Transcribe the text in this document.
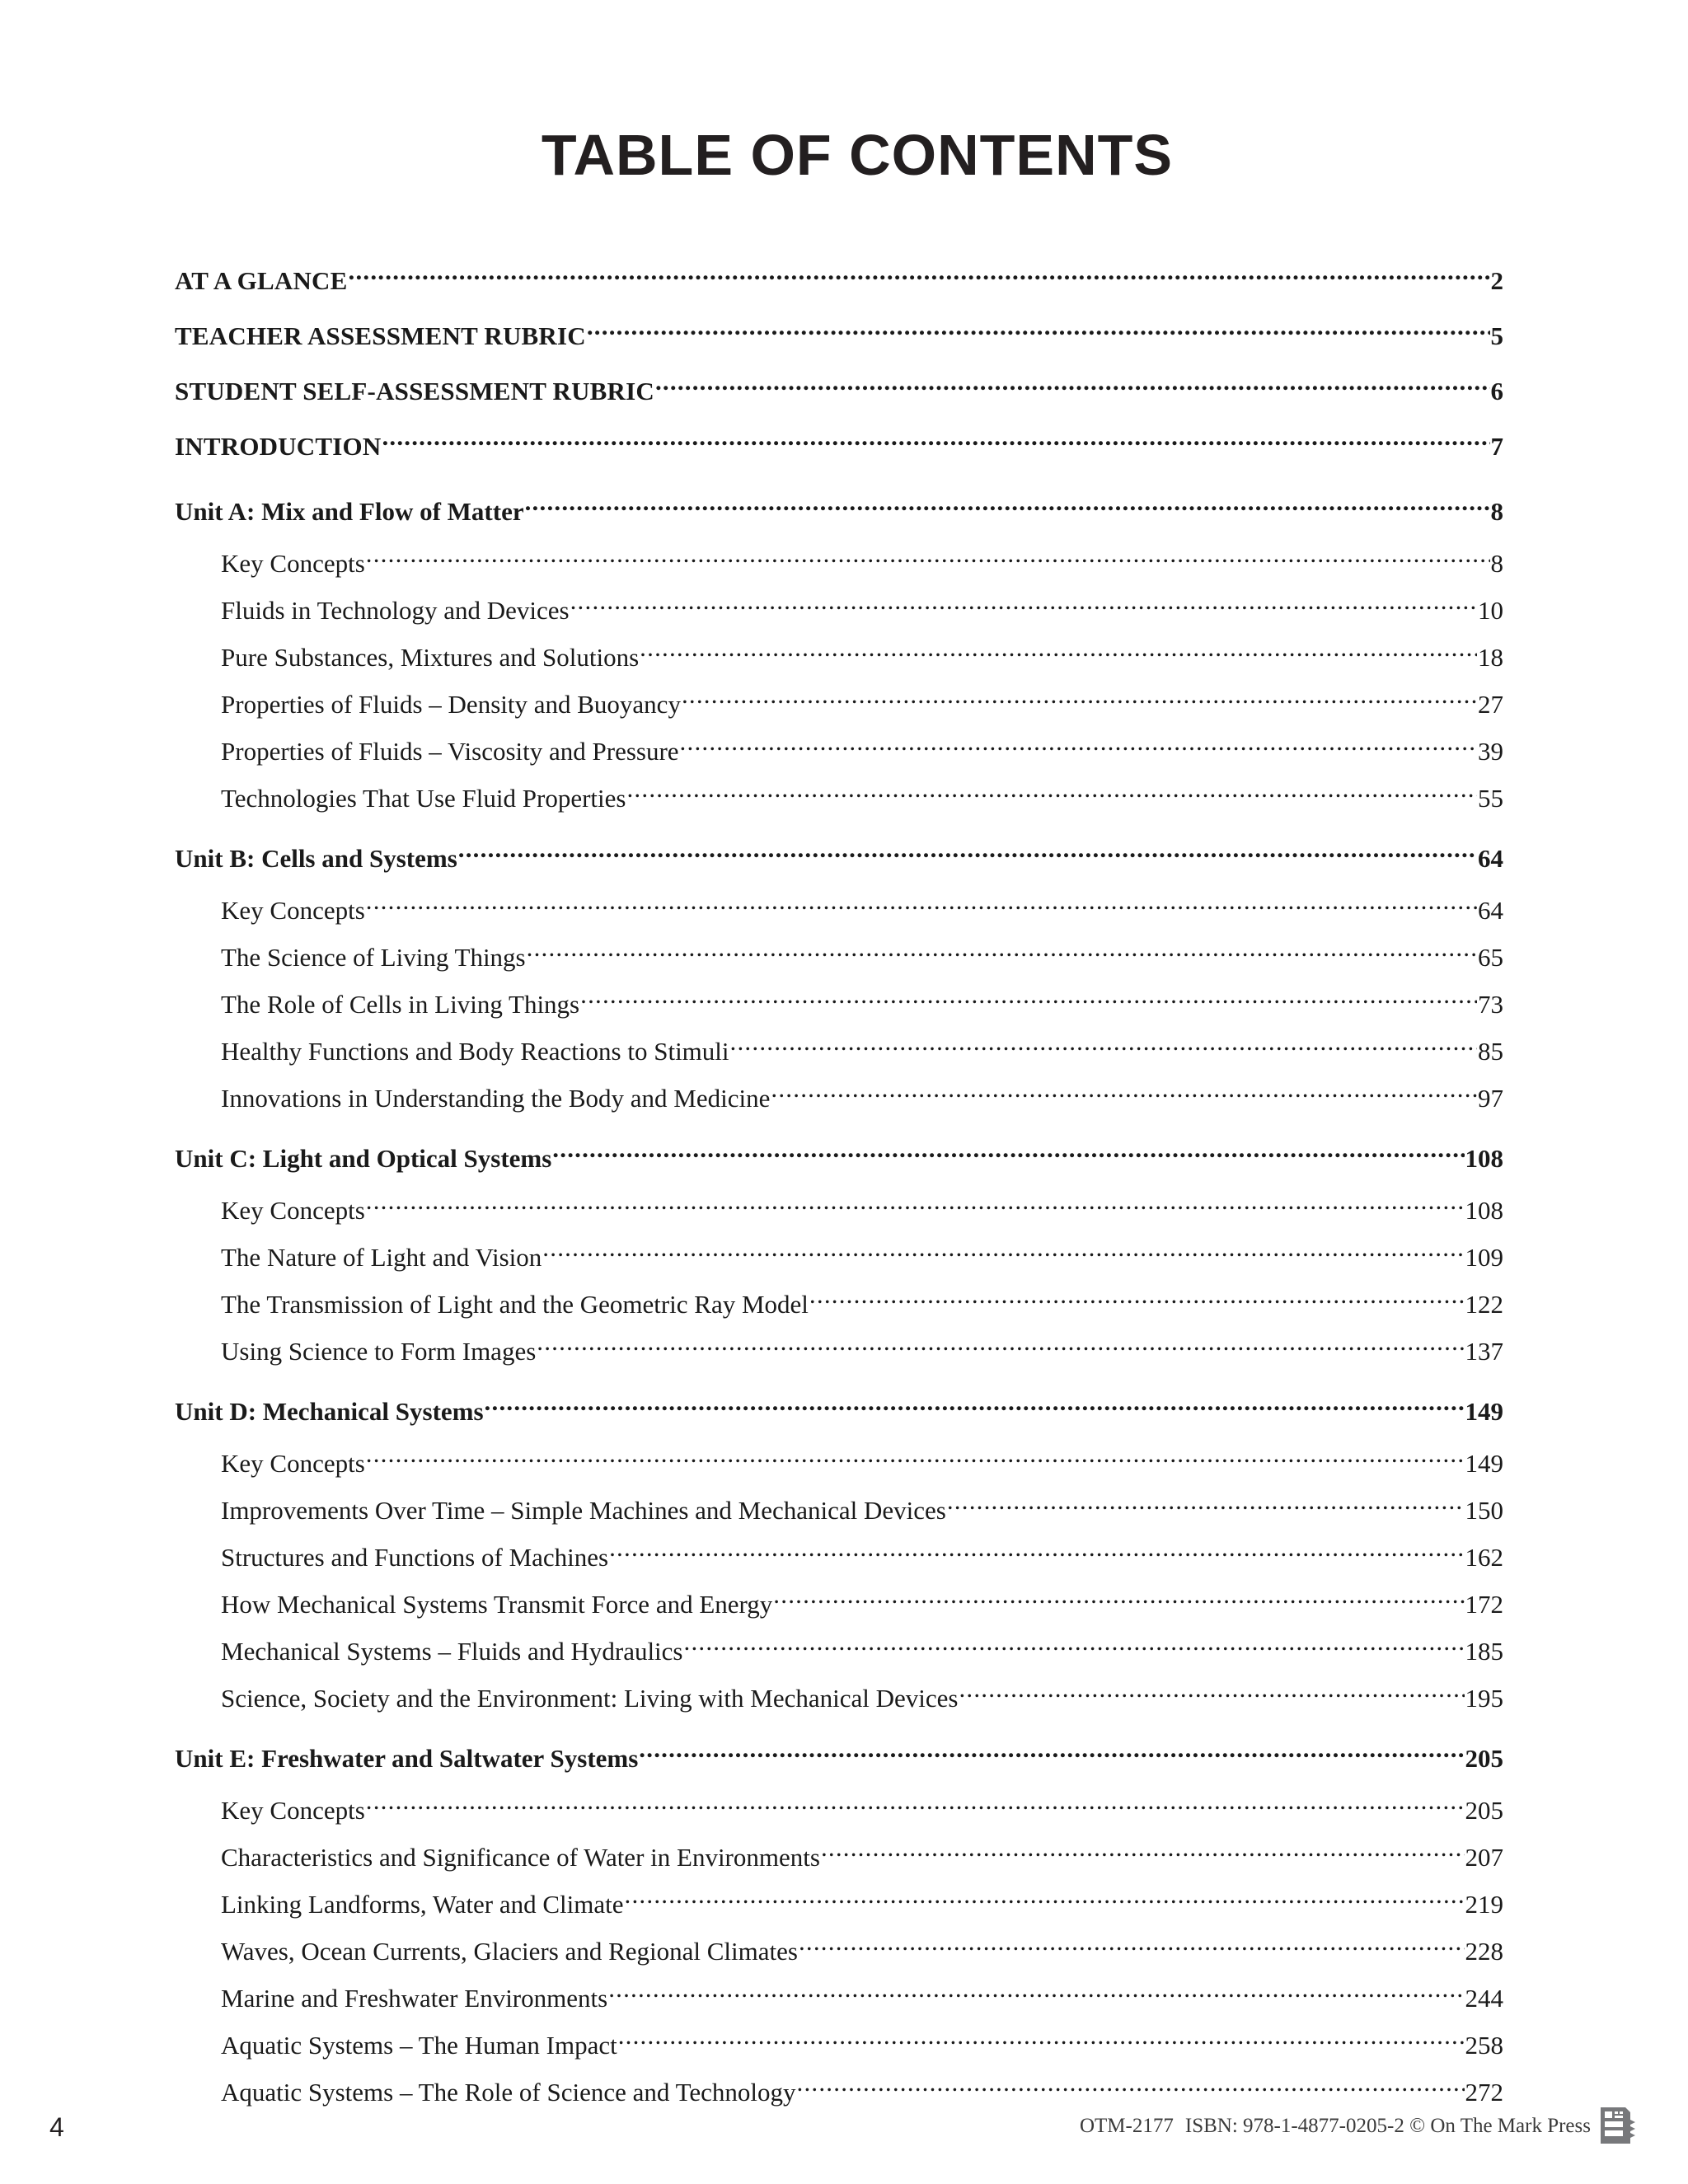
TABLE OF CONTENTS
AT A GLANCE .....	2
TEACHER ASSESSMENT RUBRIC .....	5
STUDENT SELF-ASSESSMENT RUBRIC .....	6
INTRODUCTION .....	7
Unit A: Mix and Flow of Matter .....	8
Key Concepts .....	8
Fluids in Technology and Devices .....	10
Pure Substances, Mixtures and Solutions .....	18
Properties of Fluids – Density and Buoyancy .....	27
Properties of Fluids – Viscosity and Pressure .....	39
Technologies That Use Fluid Properties .....	55
Unit B: Cells and Systems .....	64
Key Concepts .....	64
The Science of Living Things .....	65
The Role of Cells in Living Things .....	73
Healthy Functions and Body Reactions to Stimuli .....	85
Innovations in Understanding the Body and Medicine .....	97
Unit C: Light and Optical Systems .....	108
Key Concepts .....	108
The Nature of Light and Vision .....	109
The Transmission of Light and the Geometric Ray Model .....	122
Using Science to Form Images .....	137
Unit D: Mechanical Systems .....	149
Key Concepts .....	149
Improvements Over Time – Simple Machines and Mechanical Devices .....	150
Structures and Functions of Machines .....	162
How Mechanical Systems Transmit Force and Energy .....	172
Mechanical Systems – Fluids and Hydraulics .....	185
Science, Society and the Environment: Living with Mechanical Devices .....	195
Unit E: Freshwater and Saltwater Systems .....	205
Key Concepts .....	205
Characteristics and Significance of Water in Environments .....	207
Linking Landforms, Water and Climate .....	219
Waves, Ocean Currents, Glaciers and Regional Climates .....	228
Marine and Freshwater Environments .....	244
Aquatic Systems – The Human Impact .....	258
Aquatic Systems – The Role of Science and Technology .....	272
4	OTM-2177 ISBN: 978-1-4877-0205-2 © On The Mark Press
